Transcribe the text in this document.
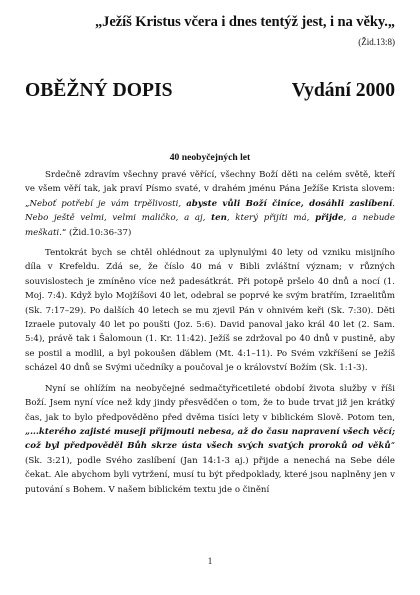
„Ježíš Kristus včera i dnes tentýž jest, i na věky.„
(Žid.13:8)
OBĚŽNÝ DOPIS	Vydání 2000
40 neobyčejných let

Srdečně zdravím všechny pravé věřící, všechny Boží děti na celém světě, kteří ve všem věří tak, jak praví Písmo svaté, v drahém jménu Pána Ježíše Krista slovem: „Neboť potřebí je vám trpělivosti, abyste vůli Boží činíce, dosáhli zaslíbení. Nebo ještě velmi, velmi maličko, a aj, ten, který přijíti má, přijde, a nebude meškati.“ (Žid.10:36-37)

Tentokrát bych se chtěl ohlédnout za uplynulými 40 lety od vzniku misijního díla v Krefeldu. Zdá se, že číslo 40 má v Bibli zvláštní význam; v různých souvislostech je zmíněno více než padesátkrát. Při potopě pršelo 40 dnů a nocí (1. Moj. 7:4). Když bylo Mojžíšovi 40 let, odebral se poprvé ke svým bratřím, Izraelitům (Sk. 7:17–29). Po dalších 40 letech se mu zjevil Pán v ohnivém keři (Sk. 7:30). Děti Izraele putovaly 40 let po poušti (Joz. 5:6). David panoval jako král 40 let (2. Sam. 5:4), právě tak i Šalomoun (1. Kr. 11:42). Ježíš se zdržoval po 40 dnů v pustině, aby se postil a modlil, a byl pokoušen ďáblem (Mt. 4:1–11). Po Svém vzkříšení se Ježíš scházel 40 dnů se Svými učedníky a poučoval je o království Božím (Sk. 1:1-3).

Nyní se ohlížím na neobyčejné sedmačtyřicetileté období života služby v říši Boží. Jsem nyní více než kdy jindy přesvědčen o tom, že to bude trvat již jen krátký čas, jak to bylo předpověděno před dvěma tisíci lety v biblickém Slově. Potom ten, „...kterého zajisté museji přijmouti nebesa, až do času napravení všech věcí; což byl předpověděl Bůh skrze ústa všech svých svatých proroků od věků“ (Sk. 3:21), podle Svého zaslíbení (Jan 14:1-3 aj.) přijde a nenechá na Sebe déle čekat. Ale abychom byli vytržení, musí tu být předpoklady, které jsou naplněny jen v putování s Bohem. V našem biblickém textu jde o činění

1
